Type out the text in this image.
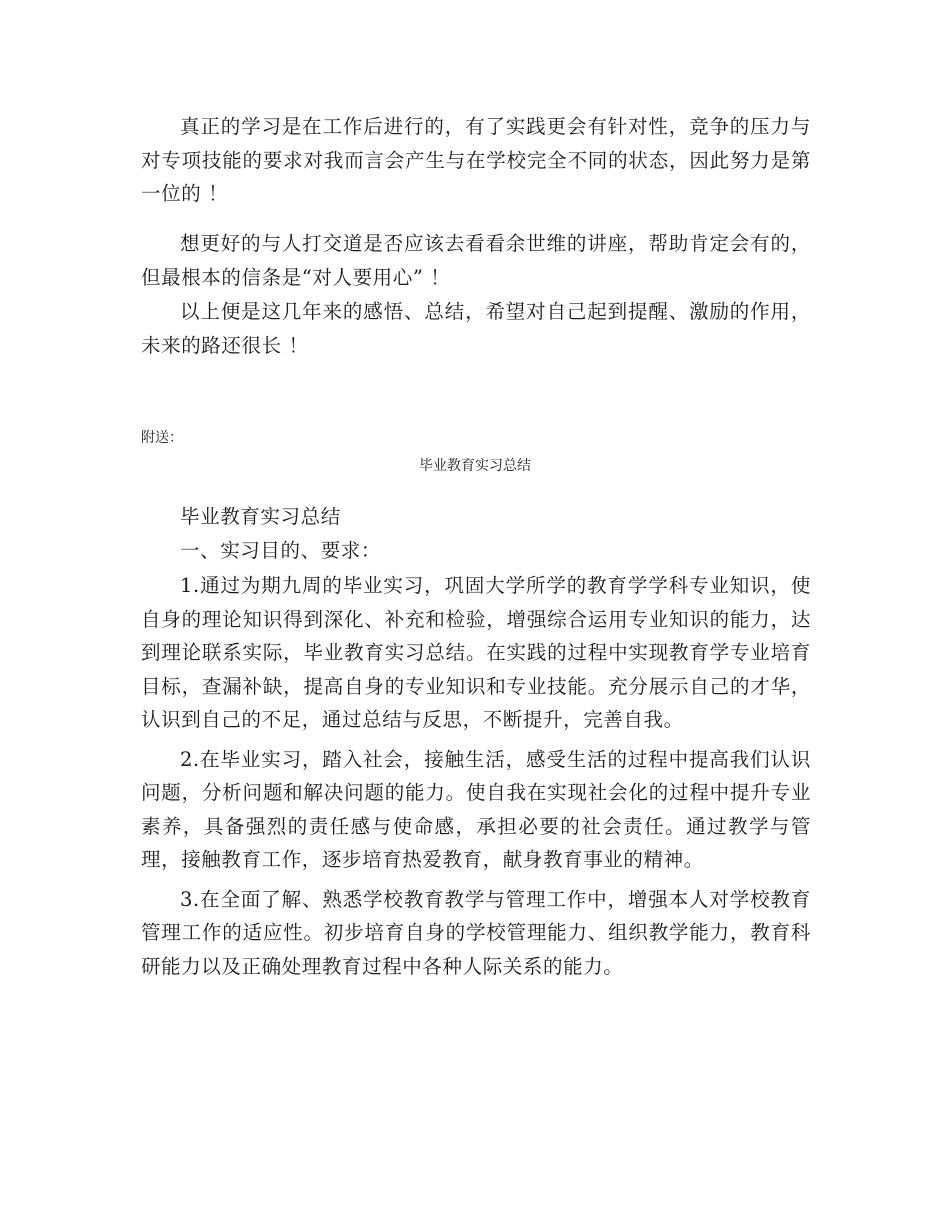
真正的学习是在工作后进行的，有了实践更会有针对性，竞争的压力与对专项技能的要求对我而言会产生与在学校完全不同的状态，因此努力是第一位的 ！

想更好的与人打交道是否应该去看看余世维的讲座，帮助肯定会有的，但最根本的信条是“对人要用心” ！

以上便是这几年来的感悟、总结，希望对自己起到提醒、激励的作用，未来的路还很长 ！

附送：

毕业教育实习总结

毕业教育实习总结

一、实习目的、要求：

1.通过为期九周的毕业实习，巩固大学所学的教育学学科专业知识，使自身的理论知识得到深化、补充和检验，增强综合运用专业知识的能力，达到理论联系实际，毕业教育实习总结。在实践的过程中实现教育学专业培育目标，查漏补缺，提高自身的专业知识和专业技能。充分展示自己的才华，认识到自己的不足，通过总结与反思，不断提升，完善自我。

2.在毕业实习，踏入社会，接触生活，感受生活的过程中提高我们认识问题，分析问题和解决问题的能力。使自我在实现社会化的过程中提升专业素养，具备强烈的责任感与使命感，承担必要的社会责任。通过教学与管理，接触教育工作，逐步培育热爱教育，献身教育事业的精神。

3.在全面了解、熟悉学校教育教学与管理工作中，增强本人对学校教育管理工作的适应性。初步培育自身的学校管理能力、组织教学能力，教育科研能力以及正确处理教育过程中各种人际关系的能力。
